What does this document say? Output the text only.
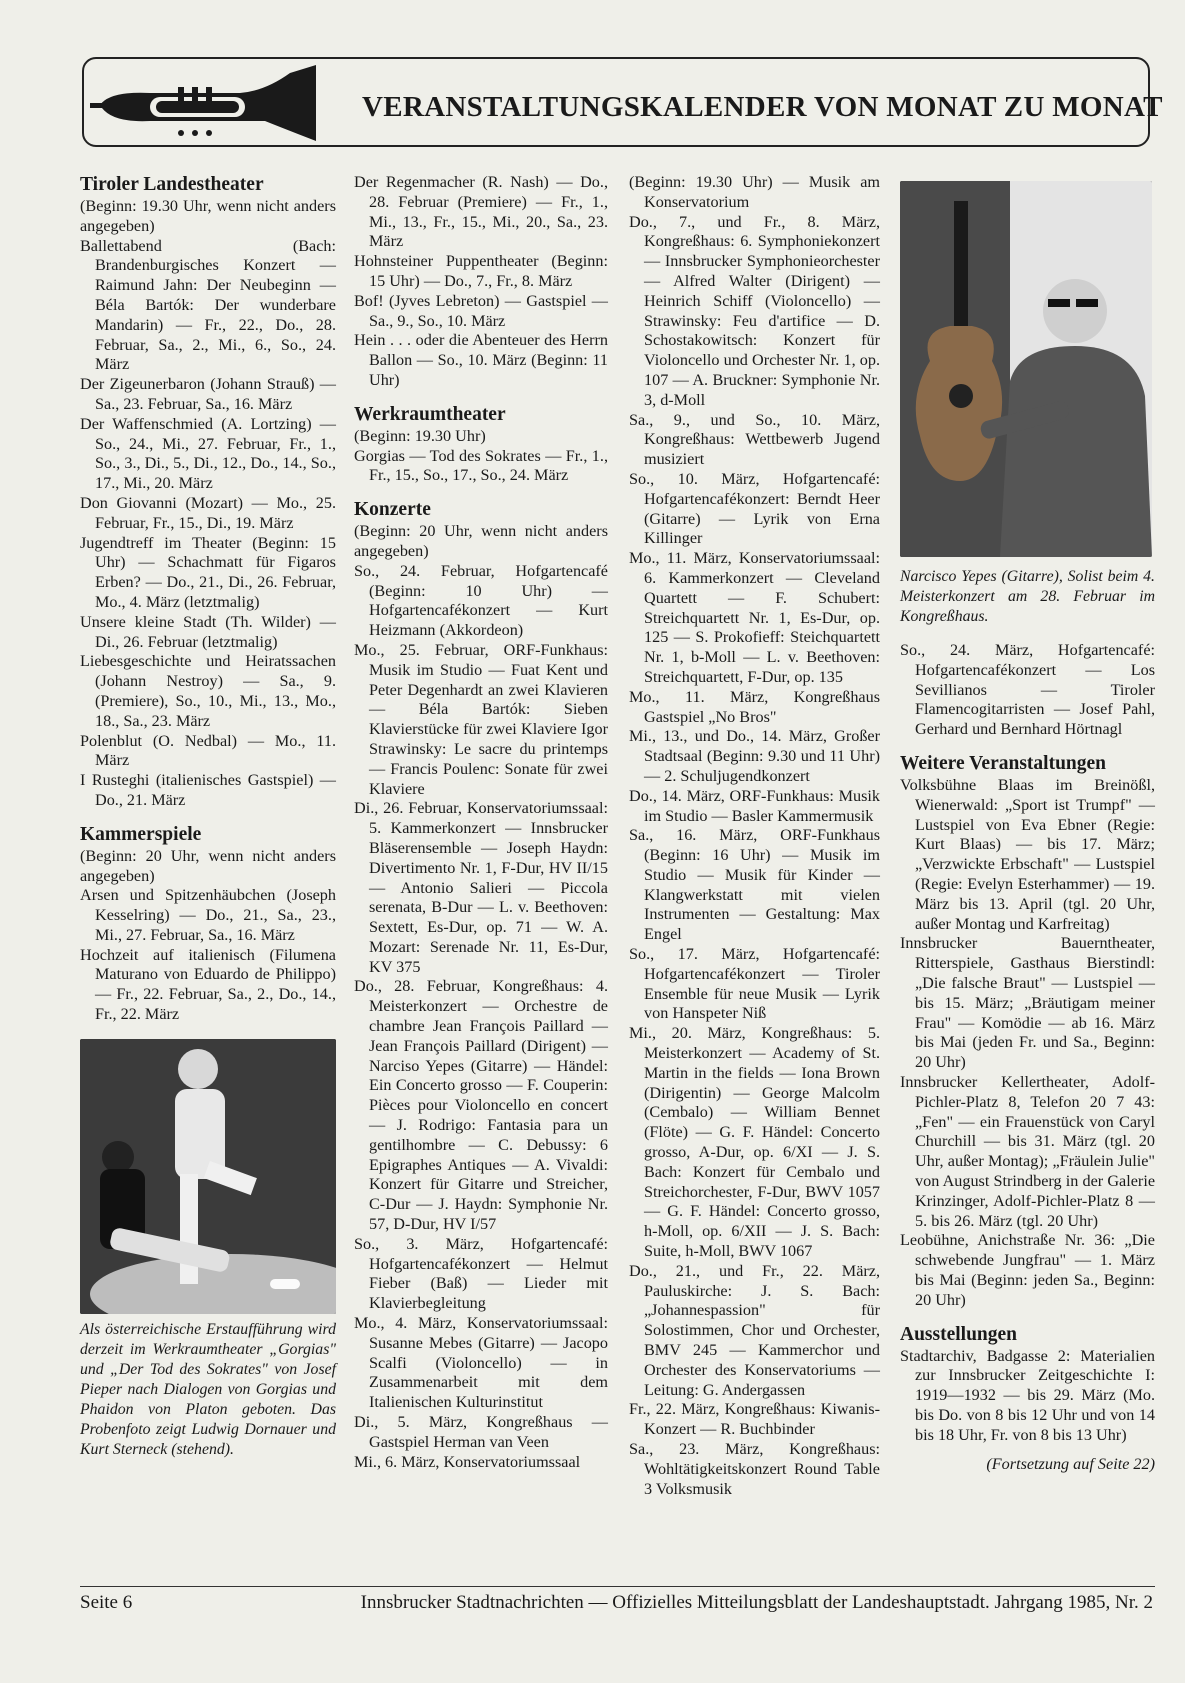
VERANSTALTUNGSKALENDER VON MONAT ZU MONAT
Tiroler Landestheater

(Beginn: 19.30 Uhr, wenn nicht anders angegeben)

Ballettabend (Bach: Brandenburgisches Konzert — Raimund Jahn: Der Neubeginn — Béla Bartók: Der wunderbare Mandarin) — Fr., 22., Do., 28. Februar, Sa., 2., Mi., 6., So., 24. März

Der Zigeunerbaron (Johann Strauß) — Sa., 23. Februar, Sa., 16. März

Der Waffenschmied (A. Lortzing) — So., 24., Mi., 27. Februar, Fr., 1., So., 3., Di., 5., Di., 12., Do., 14., So., 17., Mi., 20. März

Don Giovanni (Mozart) — Mo., 25. Februar, Fr., 15., Di., 19. März

Jugendtreff im Theater (Beginn: 15 Uhr) — Schachmatt für Figaros Erben? — Do., 21., Di., 26. Februar, Mo., 4. März (letztmalig)

Unsere kleine Stadt (Th. Wilder) — Di., 26. Februar (letztmalig)

Liebesgeschichte und Heiratssachen (Johann Nestroy) — Sa., 9. (Premiere), So., 10., Mi., 13., Mo., 18., Sa., 23. März

Polenblut (O. Nedbal) — Mo., 11. März

I Rusteghi (italienisches Gastspiel) — Do., 21. März

Kammerspiele

(Beginn: 20 Uhr, wenn nicht anders angegeben)

Arsen und Spitzenhäubchen (Joseph Kesselring) — Do., 21., Sa., 23., Mi., 27. Februar, Sa., 16. März

Hochzeit auf italienisch (Filumena Maturano von Eduardo de Philippo) — Fr., 22. Februar, Sa., 2., Do., 14., Fr., 22. März

Als österreichische Erstaufführung wird derzeit im Werkraumtheater „Gorgias" und „Der Tod des Sokrates" von Josef Pieper nach Dialogen von Gorgias und Phaidon von Platon geboten. Das Probenfoto zeigt Ludwig Dornauer und Kurt Sterneck (stehend).

Der Regenmacher (R. Nash) — Do., 28. Februar (Premiere) — Fr., 1., Mi., 13., Fr., 15., Mi., 20., Sa., 23. März

Hohnsteiner Puppentheater (Beginn: 15 Uhr) — Do., 7., Fr., 8. März

Bof! (Jyves Lebreton) — Gastspiel — Sa., 9., So., 10. März

Hein . . . oder die Abenteuer des Herrn Ballon — So., 10. März (Beginn: 11 Uhr)

Werkraumtheater

(Beginn: 19.30 Uhr)

Gorgias — Tod des Sokrates — Fr., 1., Fr., 15., So., 17., So., 24. März

Konzerte

(Beginn: 20 Uhr, wenn nicht anders angegeben)

So., 24. Februar, Hofgartencafé (Beginn: 10 Uhr) — Hofgartencafékonzert — Kurt Heizmann (Akkordeon)

Mo., 25. Februar, ORF-Funkhaus: Musik im Studio — Fuat Kent und Peter Degenhardt an zwei Klavieren — Béla Bartók: Sieben Klavierstücke für zwei Klaviere Igor Strawinsky: Le sacre du printemps — Francis Poulenc: Sonate für zwei Klaviere

Di., 26. Februar, Konservatoriumssaal: 5. Kammerkonzert — Innsbrucker Bläserensemble — Joseph Haydn: Divertimento Nr. 1, F-Dur, HV II/15 — Antonio Salieri — Piccola serenata, B-Dur — L. v. Beethoven: Sextett, Es-Dur, op. 71 — W. A. Mozart: Serenade Nr. 11, Es-Dur, KV 375

Do., 28. Februar, Kongreßhaus: 4. Meisterkonzert — Orchestre de chambre Jean François Paillard — Jean François Paillard (Dirigent) — Narciso Yepes (Gitarre) — Händel: Ein Concerto grosso — F. Couperin: Pièces pour Violoncello en concert — J. Rodrigo: Fantasia para un gentilhombre — C. Debussy: 6 Epigraphes Antiques — A. Vivaldi: Konzert für Gitarre und Streicher, C-Dur — J. Haydn: Symphonie Nr. 57, D-Dur, HV I/57

So., 3. März, Hofgartencafé: Hofgartencafékonzert — Helmut Fieber (Baß) — Lieder mit Klavierbegleitung

Mo., 4. März, Konservatoriumssaal: Susanne Mebes (Gitarre) — Jacopo Scalfi (Violoncello) — in Zusammenarbeit mit dem Italienischen Kulturinstitut

Di., 5. März, Kongreßhaus — Gastspiel Herman van Veen

Mi., 6. März, Konservatoriumssaal

(Beginn: 19.30 Uhr) — Musik am Konservatorium

Do., 7., und Fr., 8. März, Kongreßhaus: 6. Symphoniekonzert — Innsbrucker Symphonieorchester — Alfred Walter (Dirigent) — Heinrich Schiff (Violoncello) — Strawinsky: Feu d'artifice — D. Schostakowitsch: Konzert für Violoncello und Orchester Nr. 1, op. 107 — A. Bruckner: Symphonie Nr. 3, d-Moll

Sa., 9., und So., 10. März, Kongreßhaus: Wettbewerb Jugend musiziert

So., 10. März, Hofgartencafé: Hofgartencafékonzert: Berndt Heer (Gitarre) — Lyrik von Erna Killinger

Mo., 11. März, Konservatoriumssaal: 6. Kammerkonzert — Cleveland Quartett — F. Schubert: Streichquartett Nr. 1, Es-Dur, op. 125 — S. Prokofieff: Steichquartett Nr. 1, b-Moll — L. v. Beethoven: Streichquartett, F-Dur, op. 135

Mo., 11. März, Kongreßhaus Gastspiel „No Bros"

Mi., 13., und Do., 14. März, Großer Stadtsaal (Beginn: 9.30 und 11 Uhr) — 2. Schuljugendkonzert

Do., 14. März, ORF-Funkhaus: Musik im Studio — Basler Kammermusik

Sa., 16. März, ORF-Funkhaus (Beginn: 16 Uhr) — Musik im Studio — Musik für Kinder — Klangwerkstatt mit vielen Instrumenten — Gestaltung: Max Engel

So., 17. März, Hofgartencafé: Hofgartencafékonzert — Tiroler Ensemble für neue Musik — Lyrik von Hanspeter Niß

Mi., 20. März, Kongreßhaus: 5. Meisterkonzert — Academy of St. Martin in the fields — Iona Brown (Dirigentin) — George Malcolm (Cembalo) — William Bennet (Flöte) — G. F. Händel: Concerto grosso, A-Dur, op. 6/XI — J. S. Bach: Konzert für Cembalo und Streichorchester, F-Dur, BWV 1057 — G. F. Händel: Concerto grosso, h-Moll, op. 6/XII — J. S. Bach: Suite, h-Moll, BWV 1067

Do., 21., und Fr., 22. März, Pauluskirche: J. S. Bach: „Johannespassion" für Solostimmen, Chor und Orchester, BMV 245 — Kammerchor und Orchester des Konservatoriums — Leitung: G. Andergassen

Fr., 22. März, Kongreßhaus: Kiwanis-Konzert — R. Buchbinder

Sa., 23. März, Kongreßhaus: Wohltätigkeitskonzert Round Table 3 Volksmusik

Narcisco Yepes (Gitarre), Solist beim 4. Meisterkonzert am 28. Februar im Kongreßhaus.

So., 24. März, Hofgartencafé: Hofgartencafékonzert — Los Sevillianos — Tiroler Flamencogitarristen — Josef Pahl, Gerhard und Bernhard Hörtnagl

Weitere Veranstaltungen

Volksbühne Blaas im Breinößl, Wienerwald: „Sport ist Trumpf" — Lustspiel von Eva Ebner (Regie: Kurt Blaas) — bis 17. März; „Verzwickte Erbschaft" — Lustspiel (Regie: Evelyn Esterhammer) — 19. März bis 13. April (tgl. 20 Uhr, außer Montag und Karfreitag)

Innsbrucker Bauerntheater, Ritterspiele, Gasthaus Bierstindl: „Die falsche Braut" — Lustspiel — bis 15. März; „Bräutigam meiner Frau" — Komödie — ab 16. März bis Mai (jeden Fr. und Sa., Beginn: 20 Uhr)

Innsbrucker Kellertheater, Adolf-Pichler-Platz 8, Telefon 20 7 43: „Fen" — ein Frauenstück von Caryl Churchill — bis 31. März (tgl. 20 Uhr, außer Montag); „Fräulein Julie" von August Strindberg in der Galerie Krinzinger, Adolf-Pichler-Platz 8 — 5. bis 26. März (tgl. 20 Uhr)

Leobühne, Anichstraße Nr. 36: „Die schwebende Jungfrau" — 1. März bis Mai (Beginn: jeden Sa., Beginn: 20 Uhr)

Ausstellungen

Stadtarchiv, Badgasse 2: Materialien zur Innsbrucker Zeitgeschichte I: 1919—1932 — bis 29. März (Mo. bis Do. von 8 bis 12 Uhr und von 14 bis 18 Uhr, Fr. von 8 bis 13 Uhr)

(Fortsetzung auf Seite 22)
Seite 6	Innsbrucker Stadtnachrichten — Offizielles Mitteilungsblatt der Landeshauptstadt. Jahrgang 1985, Nr. 2
